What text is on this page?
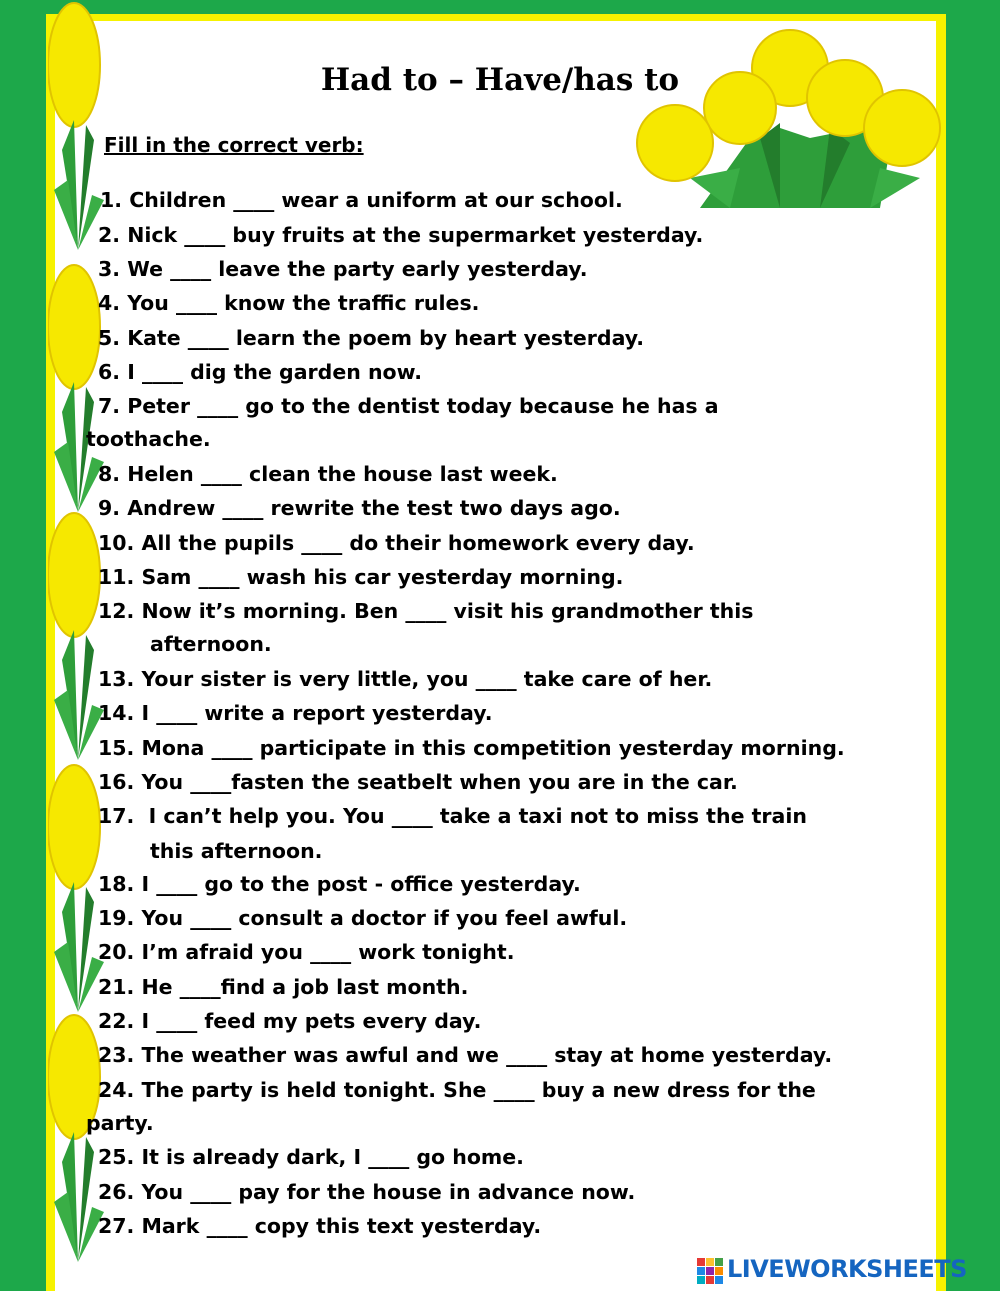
Had to – Have/has to
Fill in the correct verb:
1. Children ____ wear a uniform at our school.
2. Nick ____ buy fruits at the supermarket yesterday.
3. We ____ leave the party early yesterday.
4. You ____ know the traffic rules.
5. Kate ____ learn the poem by heart yesterday.
6. I ____ dig the garden now.
7. Peter ____ go to the dentist today because he has a
toothache.
8. Helen ____ clean the house last week.
9. Andrew ____ rewrite the test two days ago.
10. All the pupils ____ do their homework every day.
11. Sam ____ wash his car yesterday morning.
12. Now it’s morning. Ben ____ visit his grandmother this
afternoon.
13. Your sister is very little, you ____ take care of her.
14. I ____ write a report yesterday.
15. Mona ____ participate in this competition yesterday morning.
16. You ____fasten the seatbelt when you are in the car.
17.  I can’t help you. You ____ take a taxi not to miss the train
this afternoon.
18. I ____ go to the post - office yesterday.
19. You ____ consult a doctor if you feel awful.
20. I’m afraid you ____ work tonight.
21. He ____find a job last month.
22. I ____ feed my pets every day.
23. The weather was awful and we ____ stay at home yesterday.
24. The party is held tonight. She ____ buy a new dress for the
party.
25. It is already dark, I ____ go home.
26. You ____ pay for the house in advance now.
27. Mark ____ copy this text yesterday.
LIVEWORKSHEETS
